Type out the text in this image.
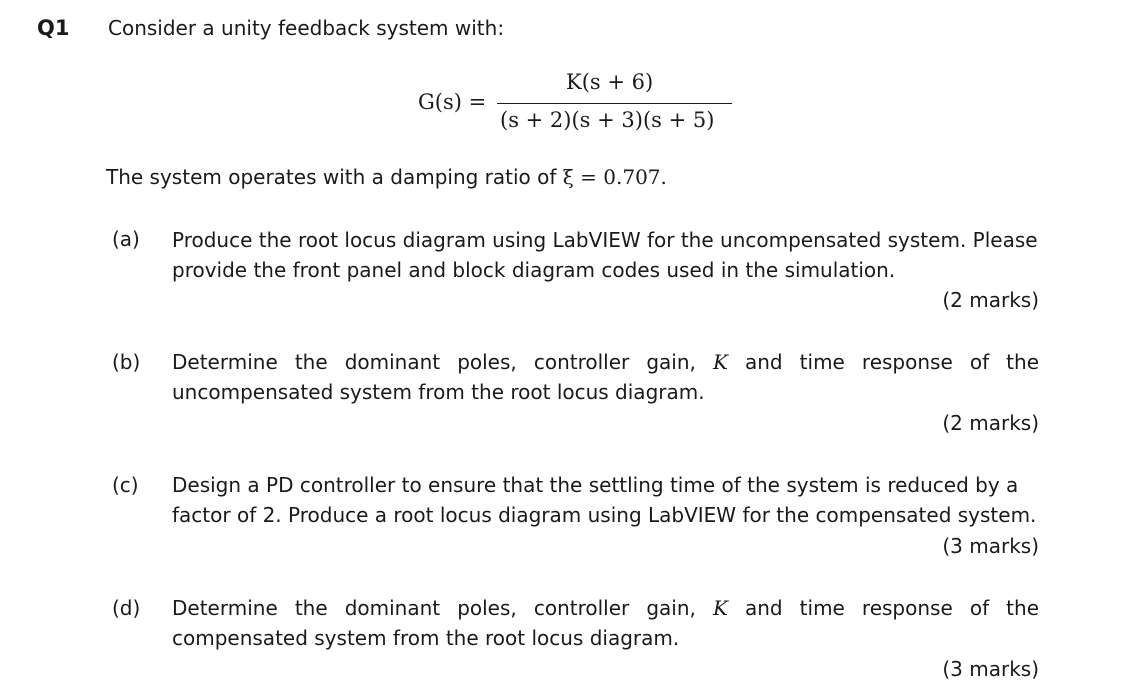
Q1 Consider a unity feedback system with:
G(s) =
K(s + 6)
(s + 2)(s + 3)(s + 5)
The system operates with a damping ratio of ξ = 0.707.
(a) Produce the root locus diagram using LabVIEW for the uncompensated system. Please
provide the front panel and block diagram codes used in the simulation.
(2 marks)
(b) Determine the dominant poles, controller gain, K and time response of the
uncompensated system from the root locus diagram.
(2 marks)
(c) Design a PD controller to ensure that the settling time of the system is reduced by a
factor of 2. Produce a root locus diagram using LabVIEW for the compensated system.
(3 marks)
(d) Determine the dominant poles, controller gain, K and time response of the
compensated system from the root locus diagram.
(3 marks)
